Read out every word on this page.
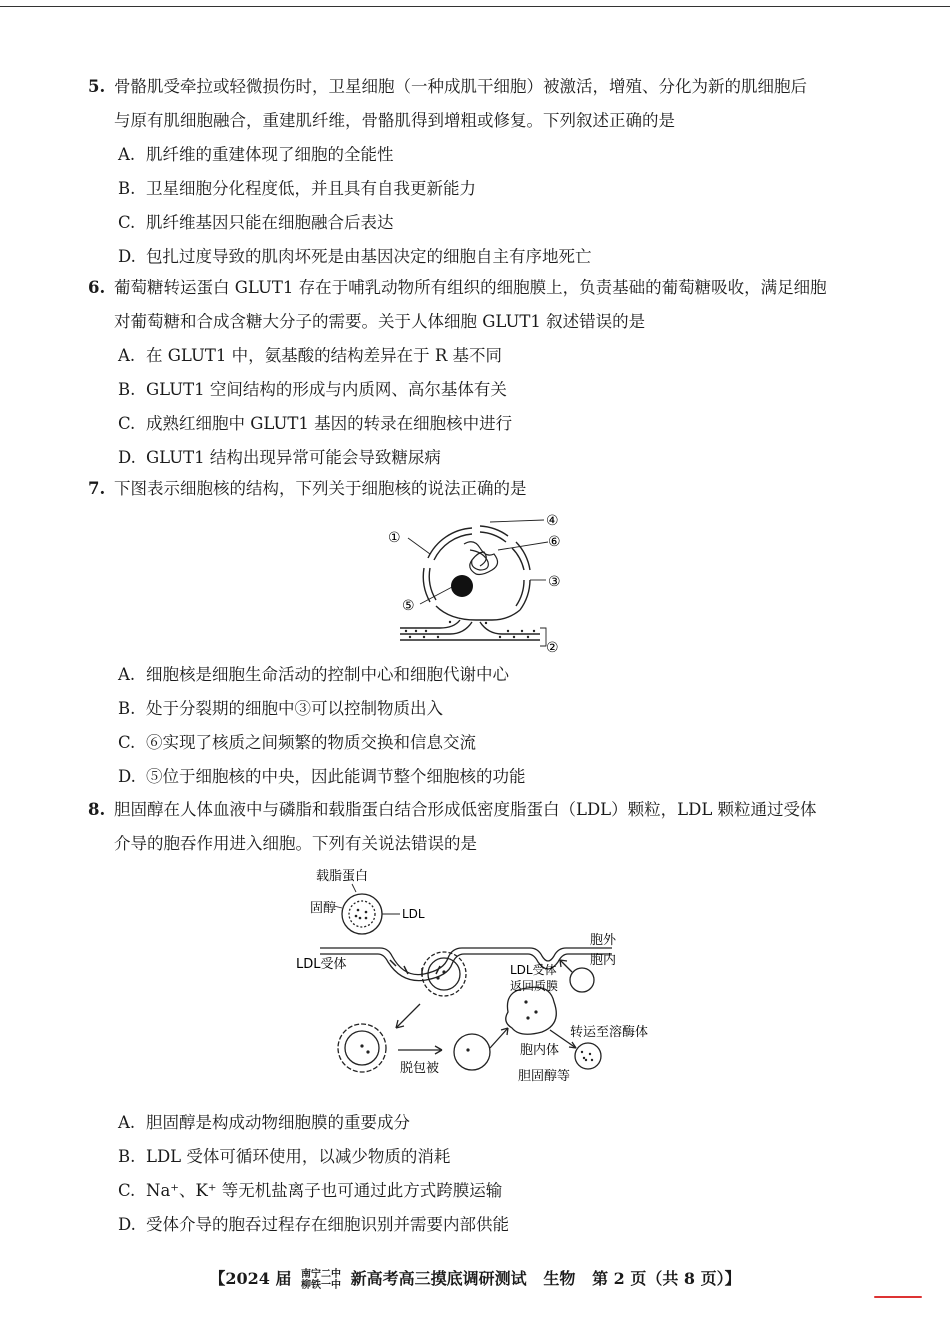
5. 骨骼肌受牵拉或轻微损伤时，卫星细胞（一种成肌干细胞）被激活，增殖、分化为新的肌细胞后
与原有肌细胞融合，重建肌纤维，骨骼肌得到增粗或修复。下列叙述正确的是

A. 肌纤维的重建体现了细胞的全能性

B. 卫星细胞分化程度低，并且具有自我更新能力

C. 肌纤维基因只能在细胞融合后表达

D. 包扎过度导致的肌肉坏死是由基因决定的细胞自主有序地死亡

6. 葡萄糖转运蛋白 GLUT1 存在于哺乳动物所有组织的细胞膜上，负责基础的葡萄糖吸收，满足细胞
对葡萄糖和合成含糖大分子的需要。关于人体细胞 GLUT1 叙述错误的是

A. 在 GLUT1 中，氨基酸的结构差异在于 R 基不同

B. GLUT1 空间结构的形成与内质网、高尔基体有关

C. 成熟红细胞中 GLUT1 基因的转录在细胞核中进行

D. GLUT1 结构出现异常可能会导致糖尿病

7. 下图表示细胞核的结构，下列关于细胞核的说法正确的是

①
②
③
④
⑤
⑥

A. 细胞核是细胞生命活动的控制中心和细胞代谢中心

B. 处于分裂期的细胞中③可以控制物质出入

C. ⑥实现了核质之间频繁的物质交换和信息交流

D. ⑤位于细胞核的中央，因此能调节整个细胞核的功能

8. 胆固醇在人体血液中与磷脂和载脂蛋白结合形成低密度脂蛋白（LDL）颗粒，LDL 颗粒通过受体
介导的胞吞作用进入细胞。下列有关说法错误的是

载脂蛋白
固醇	LDL
LDL受体
胞外
胞内
LDL受体
返回质膜
转运至溶酶体
胞内体
脱包被
胆固醇等

A. 胆固醇是构成动物细胞膜的重要成分

B. LDL 受体可循环使用，以减少物质的消耗

C. Na⁺、K⁺ 等无机盐离子也可通过此方式跨膜运输

D. 受体介导的胞吞过程存在细胞识别并需要内部供能

【2024 届 南宁二中
柳铁一中 新高考高三摸底调研测试 生物 第 2 页（共 8 页）】
